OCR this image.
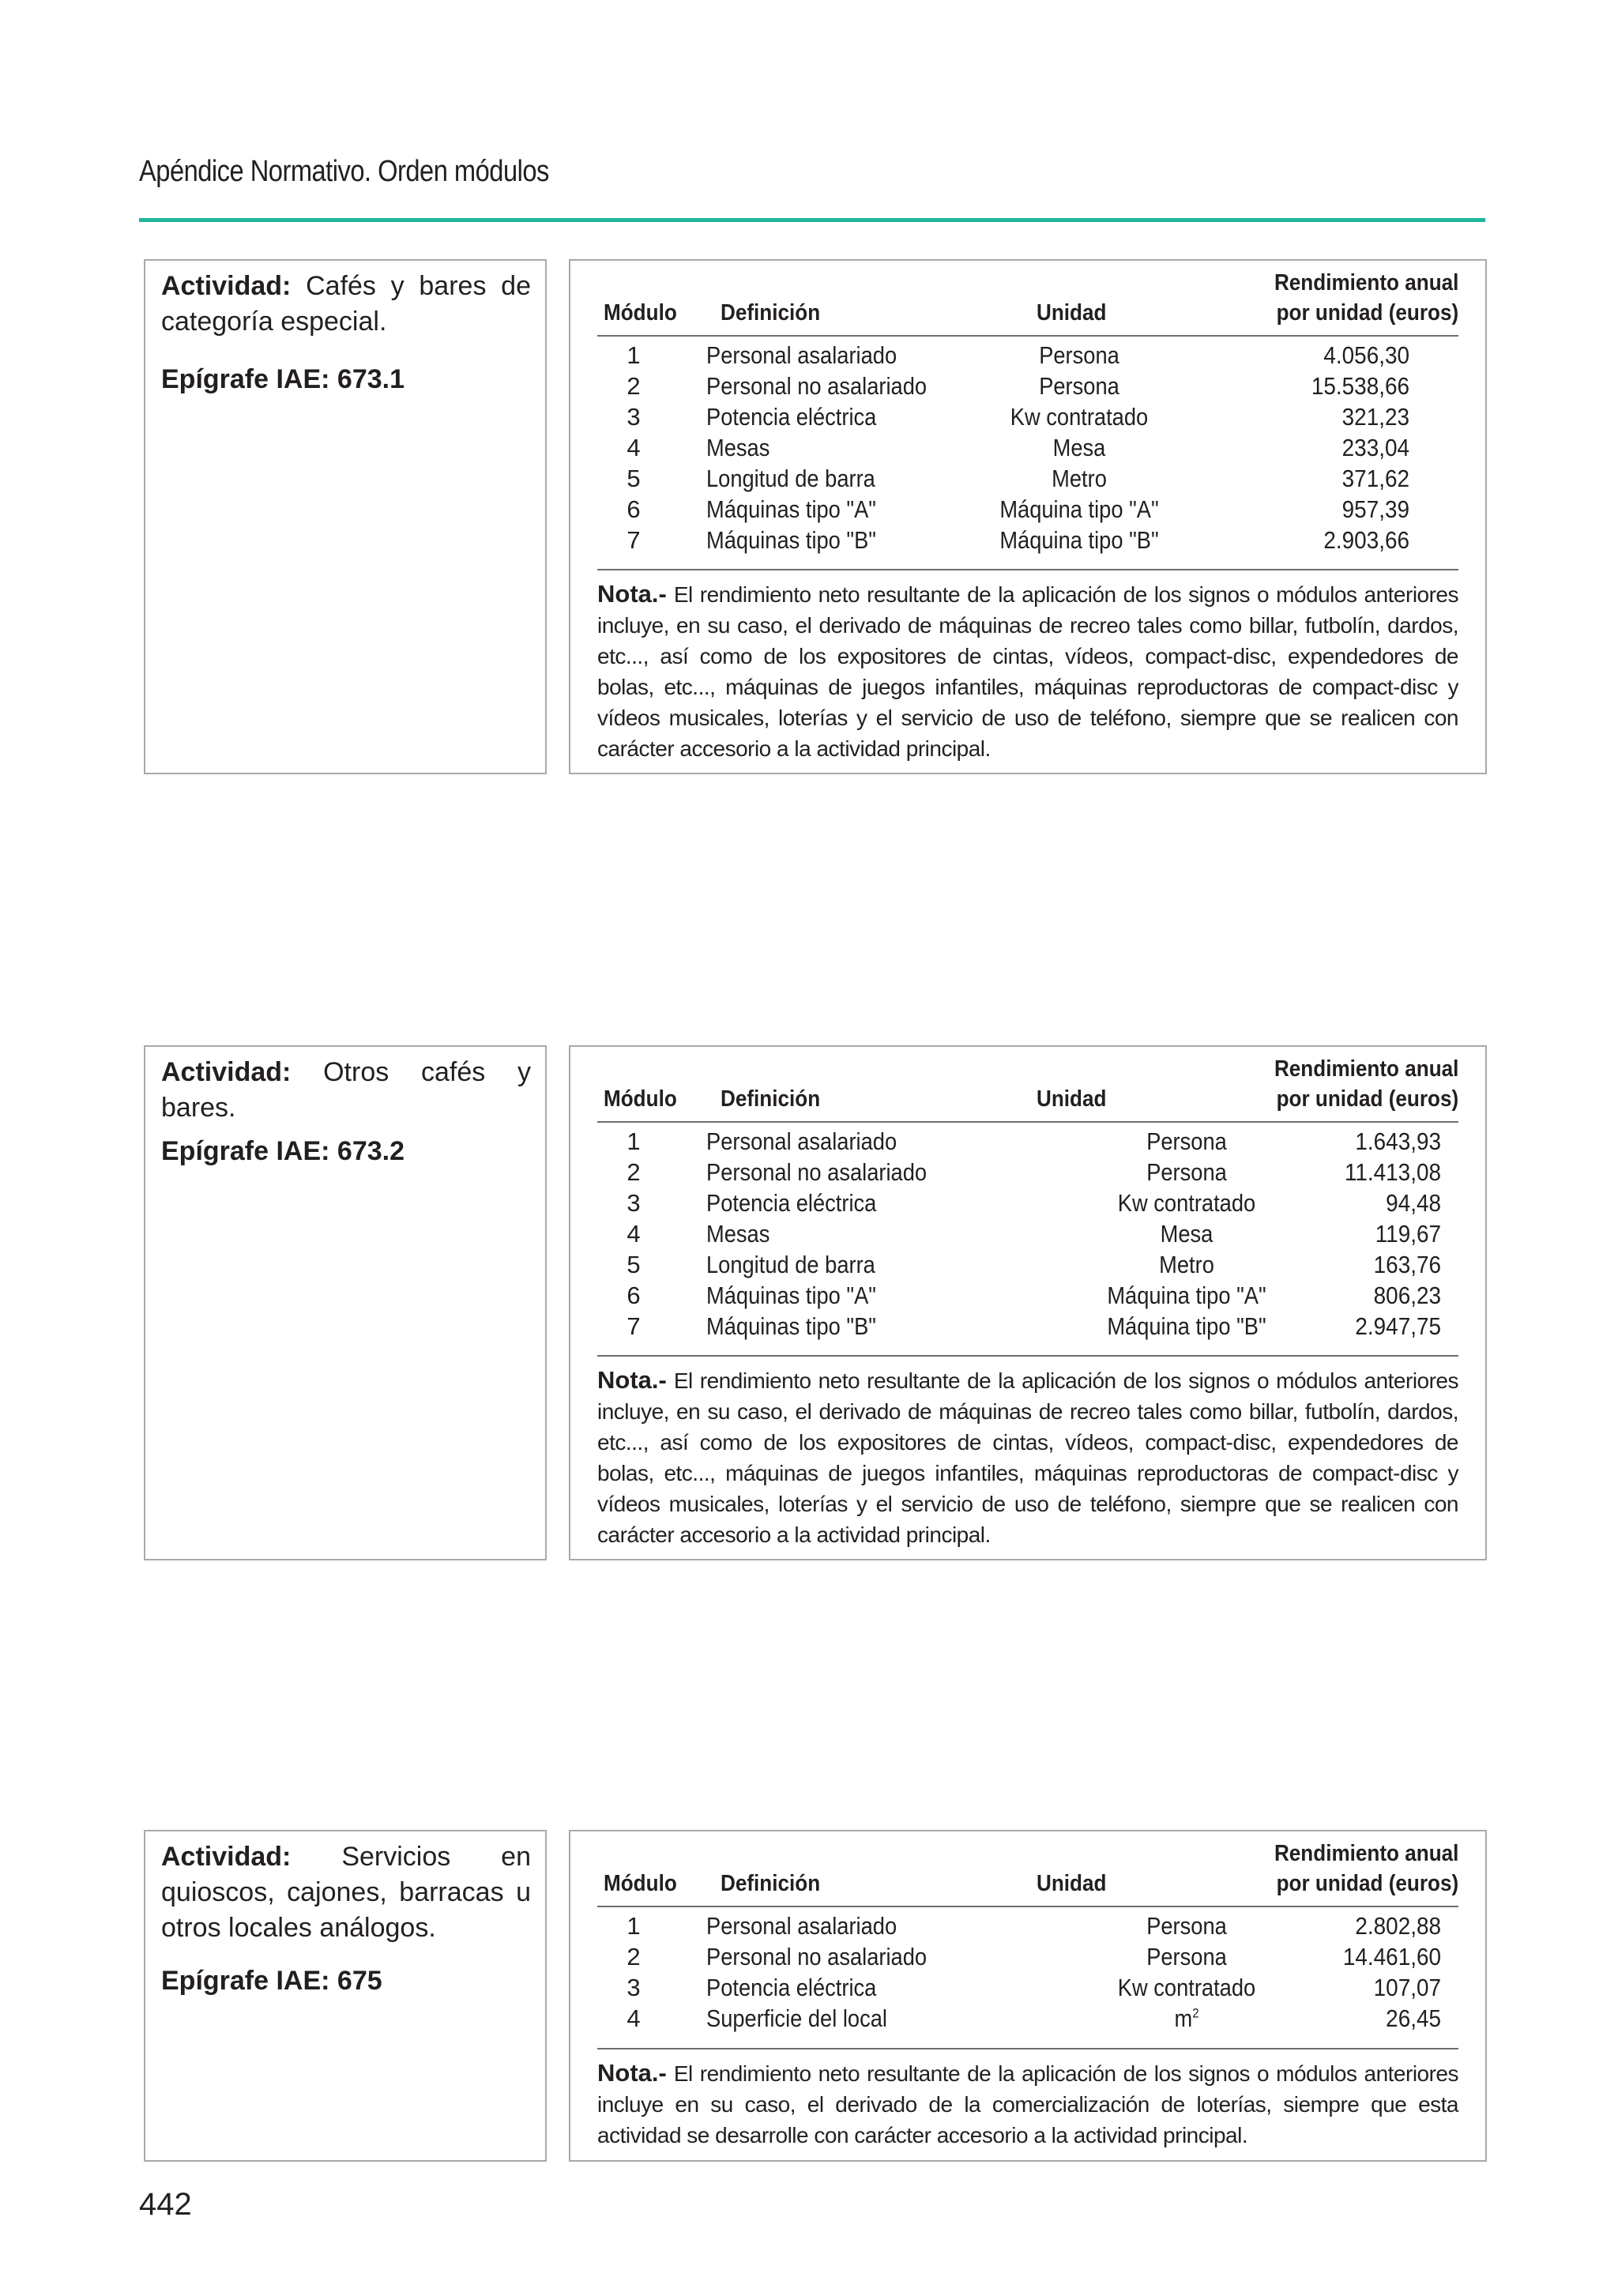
Apéndice Normativo. Orden módulos

Actividad: Cafés y bares de categoría especial.

Epígrafe IAE: 673.1
Rendimiento anual
Módulo Definición	Unidad	por unidad (euros)
1	Personal asalariado	Persona	4.056,30
2	Personal no asalariado	Persona	15.538,66
3	Potencia eléctrica	Kw contratado	321,23
4	Mesas	Mesa	233,04
5	Longitud de barra	Metro	371,62
6	Máquinas tipo "A"	Máquina tipo "A"	957,39
7	Máquinas tipo "B"	Máquina tipo "B"	2.903,66
Nota.- El rendimiento neto resultante de la aplicación de los signos o módulos anteriores incluye, en su caso, el derivado de máquinas de recreo tales como billar, futbolín, dardos, etc..., así como de los expositores de cintas, vídeos, compact-disc, expendedores de bolas, etc..., máquinas de juegos infantiles, máquinas reproductoras de compact-disc y vídeos musicales, loterías y el servicio de uso de teléfono, siempre que se realicen con carácter accesorio a la actividad principal.

Actividad: Otros cafés y bares.

Epígrafe IAE: 673.2
Rendimiento anual
Módulo Definición	Unidad	por unidad (euros)
1	Personal asalariado	Persona	1.643,93
2	Personal no asalariado	Persona	11.413,08
3	Potencia eléctrica	Kw contratado	94,48
4	Mesas	Mesa	119,67
5	Longitud de barra	Metro	163,76
6	Máquinas tipo "A"	Máquina tipo "A"	806,23
7	Máquinas tipo "B"	Máquina tipo "B"	2.947,75
Nota.- El rendimiento neto resultante de la aplicación de los signos o módulos anteriores incluye, en su caso, el derivado de máquinas de recreo tales como billar, futbolín, dardos, etc..., así como de los expositores de cintas, vídeos, compact-disc, expendedores de bolas, etc..., máquinas de juegos infantiles, máquinas reproductoras de compact-disc y vídeos musicales, loterías y el servicio de uso de teléfono, siempre que se realicen con carácter accesorio a la actividad principal.

Actividad: Servicios en quioscos, cajones, barracas u otros locales análogos.

Epígrafe IAE: 675
Rendimiento anual
Módulo Definición	Unidad	por unidad (euros)
1	Personal asalariado	Persona	2.802,88
2	Personal no asalariado	Persona	14.461,60
3	Potencia eléctrica	Kw contratado	107,07
4	Superficie del local	$m^2$	26,45
Nota.- El rendimiento neto resultante de la aplicación de los signos o módulos anteriores incluye en su caso, el derivado de la comercialización de loterías, siempre que esta actividad se desarrolle con carácter accesorio a la actividad principal.
442
